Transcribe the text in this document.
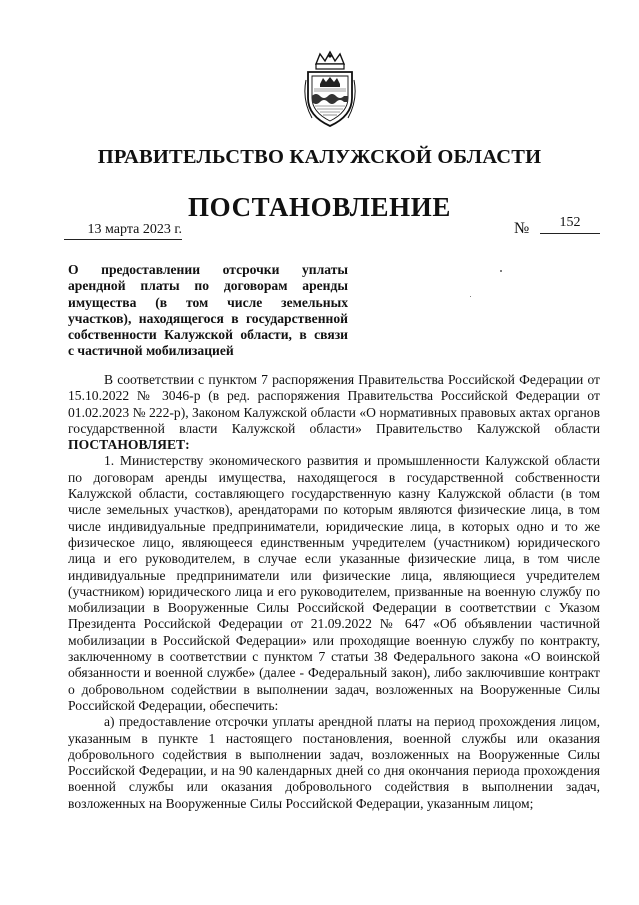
ПРАВИТЕЛЬСТВО КАЛУЖСКОЙ ОБЛАСТИ
ПОСТАНОВЛЕНИЕ
13 марта 2023 г.	№	152
О предоставлении отсрочки уплаты
арендной платы по договорам аренды
имущества (в том числе земельных
участков), находящегося в государственной
собственности Калужской области, в связи
с частичной мобилизацией

В соответствии с пунктом 7 распоряжения Правительства Российской Федерации от 15.10.2022 № 3046-р (в ред. распоряжения Правительства Российской Федерации от 01.02.2023 № 222-р), Законом Калужской области «О нормативных правовых актах органов государственной власти Калужской области» Правительство Калужской области ПОСТАНОВЛЯЕТ:

1. Министерству экономического развития и промышленности Калужской области по договорам аренды имущества, находящегося в государственной собственности Калужской области, составляющего государственную казну Калужской области (в том числе земельных участков), арендаторами по которым являются физические лица, в том числе индивидуальные предприниматели, юридические лица, в которых одно и то же физическое лицо, являющееся единственным учредителем (участником) юридического лица и его руководителем, в случае если указанные физические лица, в том числе индивидуальные предприниматели или физические лица, являющиеся учредителем (участником) юридического лица и его руководителем, призванные на военную службу по мобилизации в Вооруженные Силы Российской Федерации в соответствии с Указом Президента Российской Федерации от 21.09.2022 № 647 «Об объявлении частичной мобилизации в Российской Федерации» или проходящие военную службу по контракту, заключенному в соответствии с пунктом 7 статьи 38 Федерального закона «О воинской обязанности и военной службе» (далее - Федеральный закон), либо заключившие контракт о добровольном содействии в выполнении задач, возложенных на Вооруженные Силы Российской Федерации, обеспечить:

а) предоставление отсрочки уплаты арендной платы на период прохождения лицом, указанным в пункте 1 настоящего постановления, военной службы или оказания добровольного содействия в выполнении задач, возложенных на Вооруженные Силы Российской Федерации, и на 90 календарных дней со дня окончания периода прохождения военной службы или оказания добровольного содействия в выполнении задач, возложенных на Вооруженные Силы Российской Федерации, указанным лицом;
